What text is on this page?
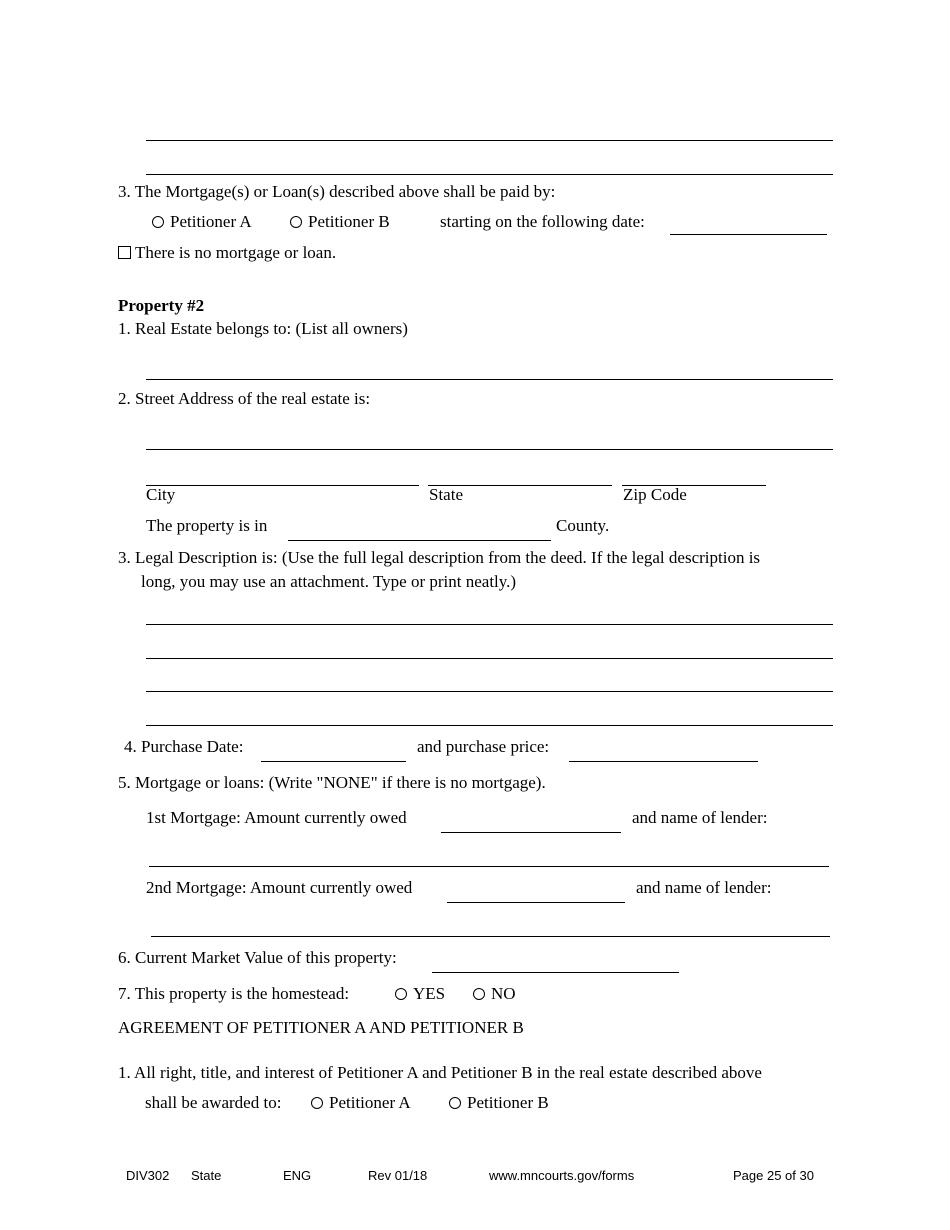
3. The Mortgage(s) or Loan(s) described above shall be paid by:
Petitioner A	Petitioner B	starting on the following date:
There is no mortgage or loan.
Property #2
1. Real Estate belongs to: (List all owners)
2. Street Address of the real estate is:
City	State	Zip Code
The property is in	County.
3. Legal Description is: (Use the full legal description from the deed. If the legal description is
long, you may use an attachment. Type or print neatly.)
4. Purchase Date:	and purchase price:
5. Mortgage or loans: (Write "NONE" if there is no mortgage).
1st Mortgage: Amount currently owed	and name of lender:
2nd Mortgage: Amount currently owed	and name of lender:
6. Current Market Value of this property:
7. This property is the homestead:	YES	NO
AGREEMENT OF PETITIONER A AND PETITIONER B
1. All right, title, and interest of Petitioner A and Petitioner B in the real estate described above
shall be awarded to:	Petitioner A	Petitioner B
DIV302 State	ENG	Rev 01/18	www.mncourts.gov/forms	Page 25 of 30
